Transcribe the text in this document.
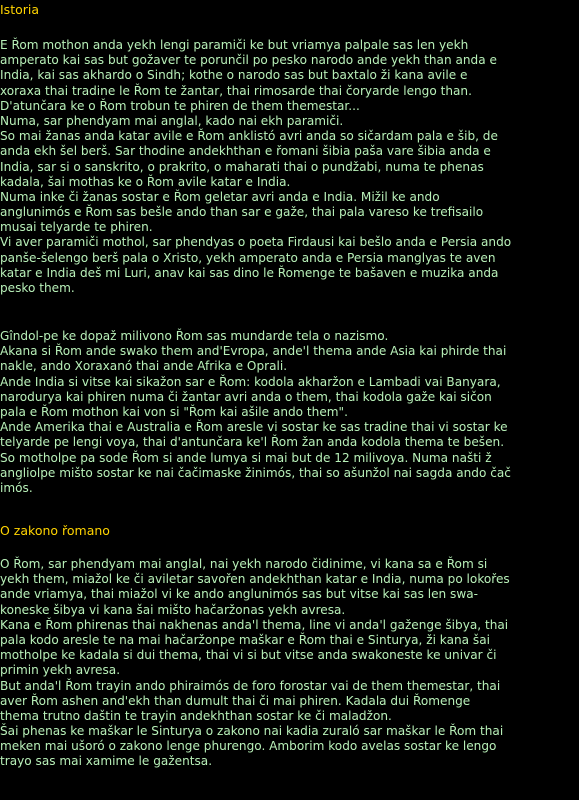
Istoria
E Řom mothon anda yekh lengi paramiči ke but vriamya palpale sas len yekh
amperato kai sas but gožaver te porunčil po pesko narodo ande yekh than anda e
India, kai sas akhardo o Sindh; kothe o narodo sas but baxtalo ži kana avile e
xoraxa thai tradine le Řom te žantar, thai rimosarde thai čoryarde lengo than.
D'atunčara ke o Řom trobun te phiren de them themestar...
Numa, sar phendyam mai anglal, kado nai ekh paramiči.
So mai žanas anda katar avile e Řom anklistó avri anda so sičardam pala e šib, de
anda ekh šel berš. Sar thodine andekhthan e řomani šibia paša vare šibia anda e
India, sar si o sanskrito, o prakrito, o maharati thai o pundžabi, numa te phenas
kadala, šai mothas ke o Řom avile katar e India.
Numa inke či žanas sostar e Řom geletar avri anda e India. Mižil ke ando
anglunimós e Řom sas bešle ando than sar e gaže, thai pala vareso ke trefisailo
musai telyarde te phiren.
Vi aver paramiči mothol, sar phendyas o poeta Firdausi kai bešlo anda e Persia ando
panše-šelengo berš pala o Xristo, yekh amperato anda e Persia manglyas te aven
katar e India deš mi Luri, anav kai sas dino le Řomenge te bašaven e muzika anda
pesko them.
Gîndol-pe ke dopaž milivono Řom sas mundarde tela o nazismo.
Akana si Řom ande swako them and'Evropa, ande'l thema ande Asia kai phirde thai
nakle, ando Xoraxanó thai ande Afrika e Oprali.
Ande India si vitse kai sikažon sar e Řom: kodola akharžon e Lambadi vai Banyara,
narodurya kai phiren numa či žantar avri anda o them, thai kodola gaže kai sičon
pala e Řom mothon kai von si "Řom kai ašile ando them".
Ande Amerika thai e Australia e Řom aresle vi sostar ke sas tradine thai vi sostar ke
telyarde pe lengi voya, thai d'antunčara ke'l Řom žan anda kodola thema te bešen.
So motholpe pa sode Řom si ande lumya si mai but de 12 milivoya. Numa našti ž
angliolpe mišto sostar ke nai čačimaske žinimós, thai so ašunžol nai sagda ando čač
imós.
O zakono řomano
O Řom, sar phendyam mai anglal, nai yekh narodo čidinime, vi kana sa e Řom si
yekh them, miažol ke či aviletar savořen andekhthan katar e India, numa po lokořes
ande vriamya, thai miažol vi ke ando anglunimós sas but vitse kai sas len swa-
koneske šibya vi kana šai mišto hačaržonas yekh avresa.
Kana e Řom phirenas thai nakhenas anda'l thema, line vi anda'l gaženge šibya, thai
pala kodo aresle te na mai hačaržonpe maškar e Řom thai e Sinturya, ži kana šai
motholpe ke kadala si dui thema, thai vi si but vitse anda swakoneste ke univar či
primin yekh avresa.
But anda'l Řom trayin ando phiraimós de foro forostar vai de them themestar, thai
aver Řom ashen and'ekh than dumult thai či mai phiren. Kadala dui Řomenge
thema trutno daštin te trayin andekhthan sostar ke či maladžon.
Šai phenas ke maškar le Sinturya o zakono nai kadia zuraló sar maškar le Řom thai
meken mai ušoró o zakono lenge phurengo. Amborim kodo avelas sostar ke lengo
trayo sas mai xamime le gažentsa.
